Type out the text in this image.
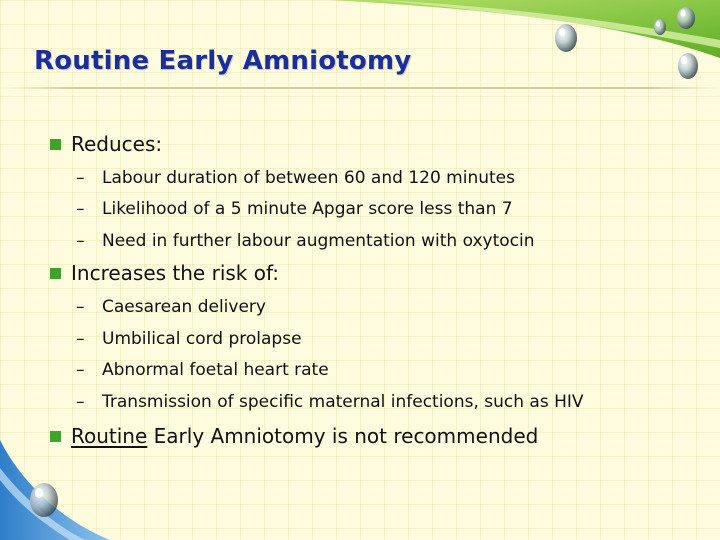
Routine Early Amniotomy
Reduces:
–	Labour duration of between 60 and 120 minutes
–	Likelihood of a 5 minute Apgar score less than 7
–	Need in further labour augmentation with oxytocin
Increases the risk of:
–	Caesarean delivery
–	Umbilical cord prolapse
–	Abnormal foetal heart rate
–	Transmission of specific maternal infections, such as HIV
Routine Early Amniotomy is not recommended
